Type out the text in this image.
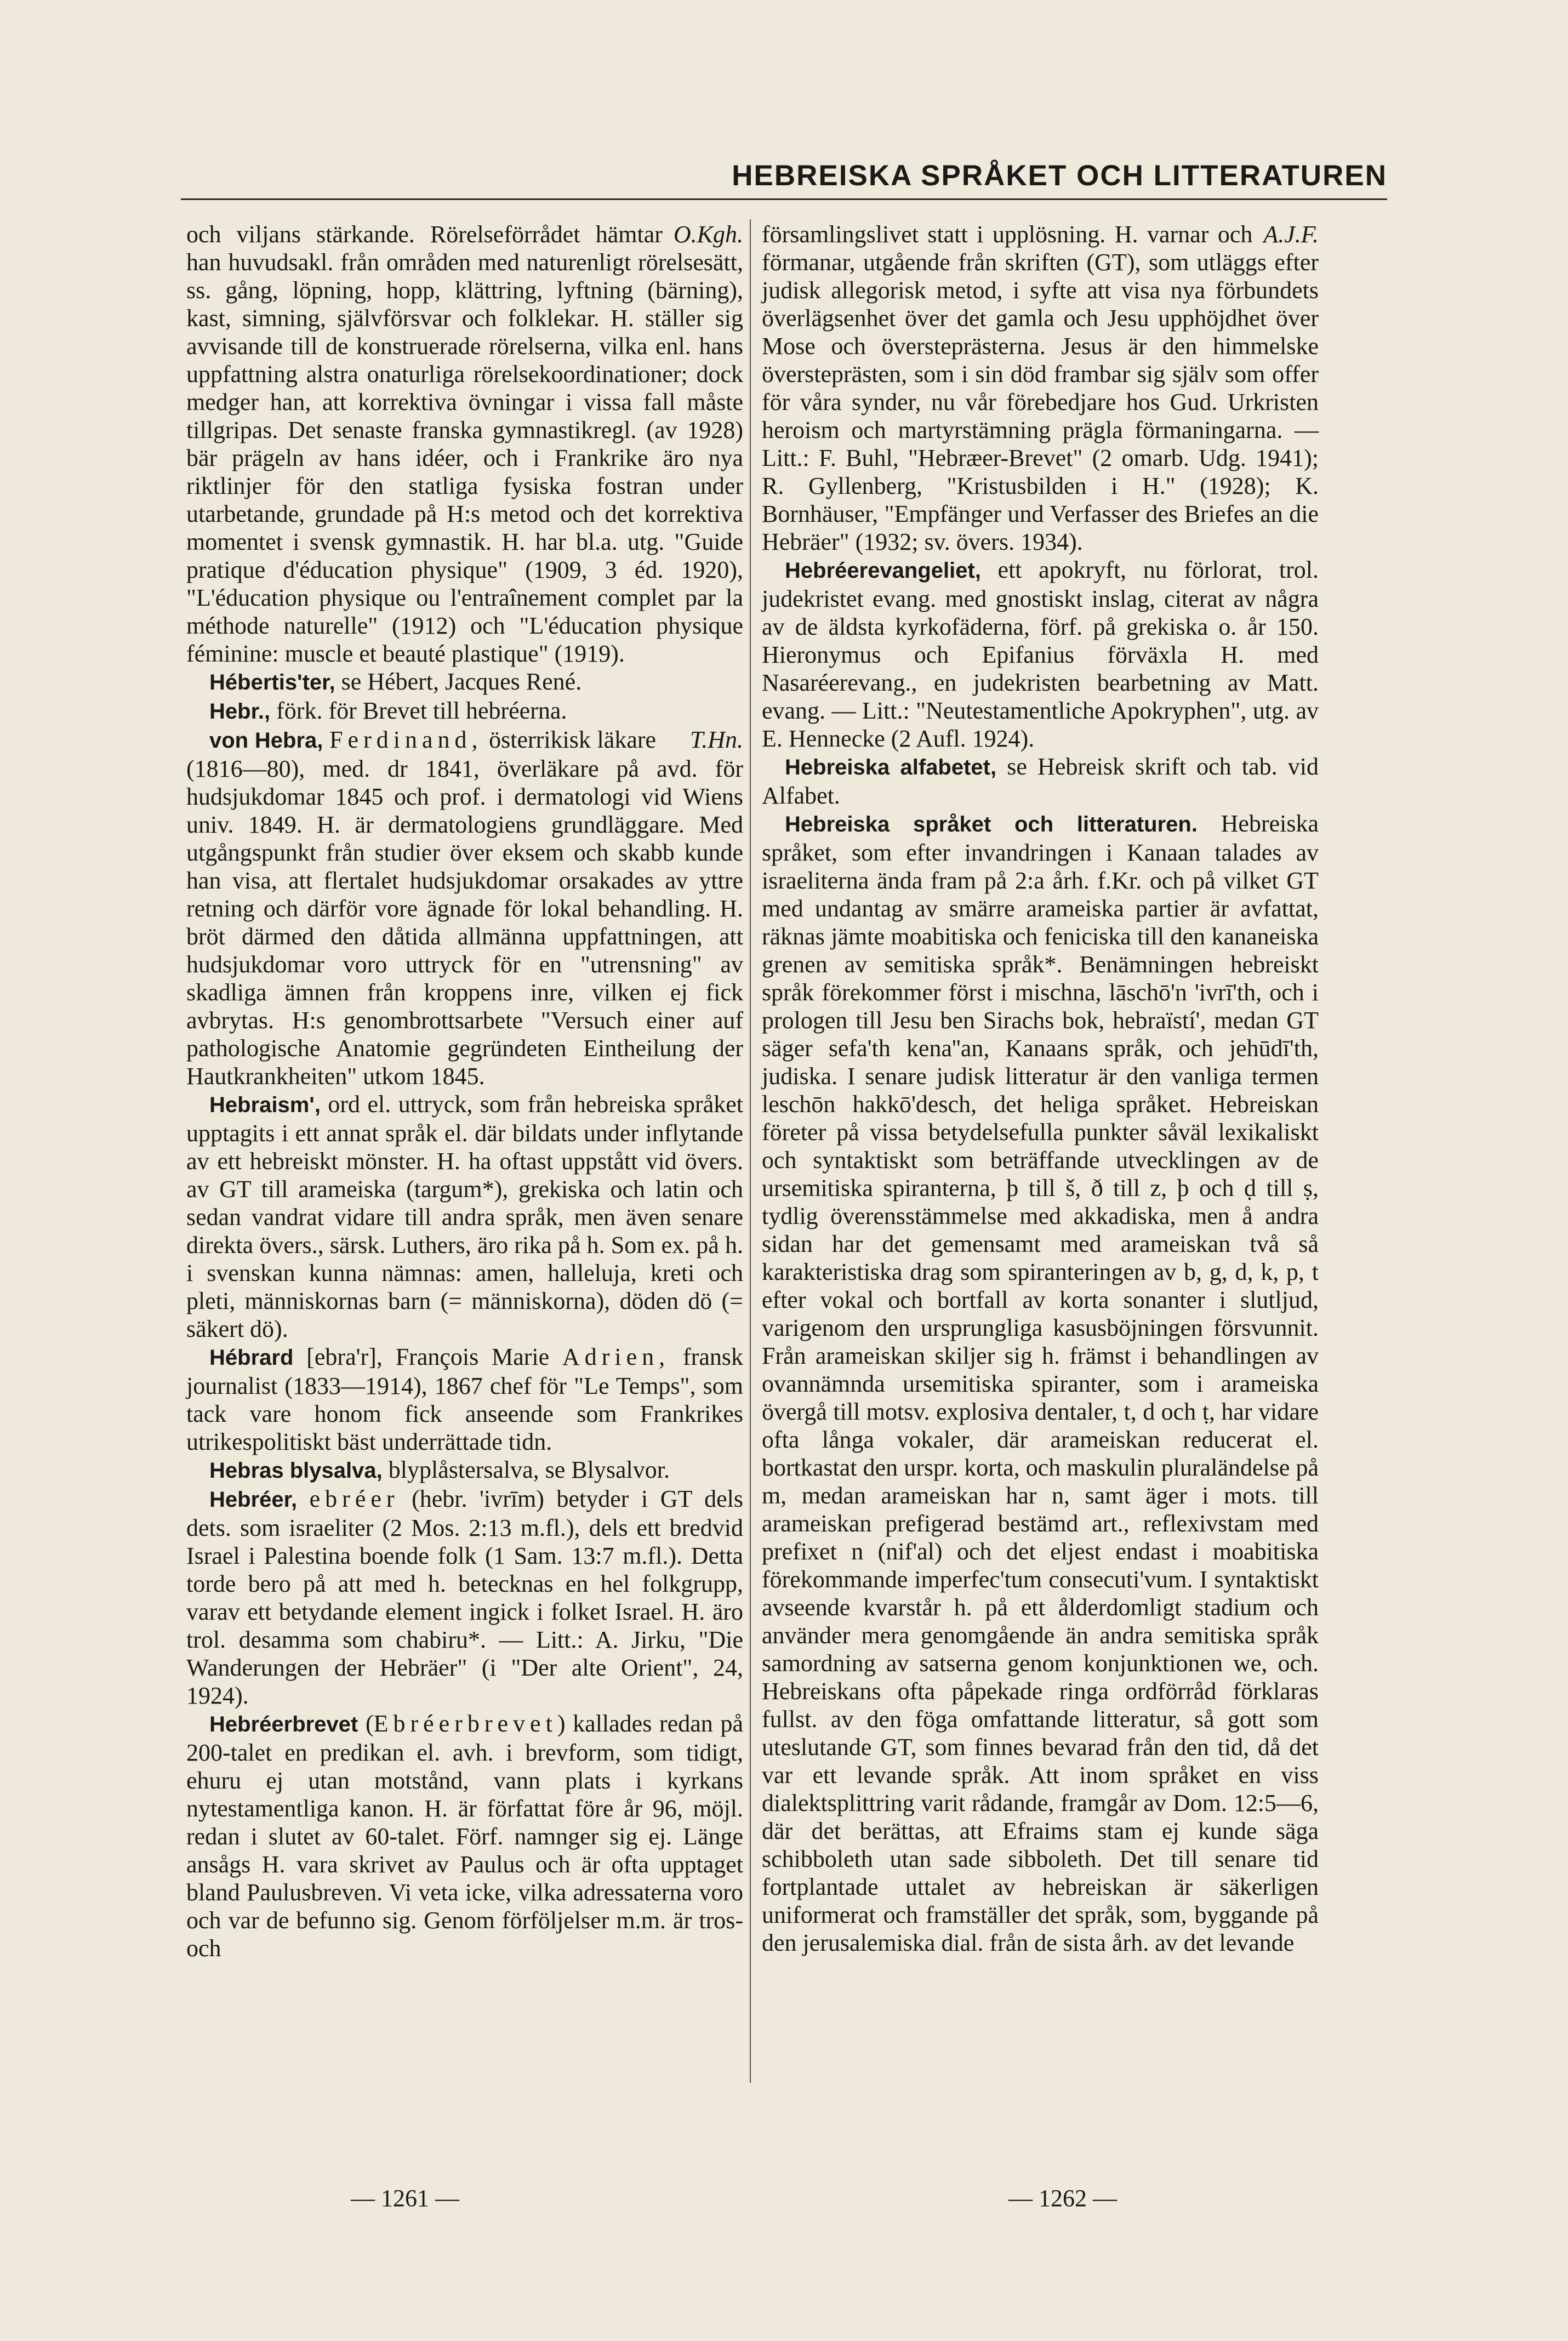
HEBREISKA SPRÅKET OCH LITTERATUREN

O.Kgh.
och viljans stärkande. Rörelseförrådet hämtar han huvudsakl. från områden med naturenligt rörelsesätt, ss. gång, löpning, hopp, klättring, lyftning (bärning), kast, simning, självförsvar och folklekar. H. ställer sig avvisande till de konstruerade rörelserna, vilka enl. hans uppfattning alstra onaturliga rörelsekoordinationer; dock medger han, att korrektiva övningar i vissa fall måste tillgripas. Det senaste franska gymnastikregl. (av 1928) bär prägeln av hans idéer, och i Frankrike äro nya riktlinjer för den statliga fysiska fostran under utarbetande, grundade på H:s metod och det korrektiva momentet i svensk gymnastik. H. har bl.a. utg. "Guide pratique d'éducation physique" (1909, 3 éd. 1920), "L'éducation physique ou l'entraînement complet par la méthode naturelle" (1912) och "L'éducation physique féminine: muscle et beauté plastique" (1919).

Hébertis'ter, se Hébert, Jacques René.

Hebr., förk. för Brevet till hebréerna.

T.Hn.
von Hebra, Ferdinand, österrikisk läkare (1816—80), med. dr 1841, överläkare på avd. för hudsjukdomar 1845 och prof. i dermatologi vid Wiens univ. 1849. H. är dermatologiens grundläggare. Med utgångspunkt från studier över eksem och skabb kunde han visa, att flertalet hudsjukdomar orsakades av yttre retning och därför vore ägnade för lokal behandling. H. bröt därmed den dåtida allmänna uppfattningen, att hudsjukdomar voro uttryck för en "utrensning" av skadliga ämnen från kroppens inre, vilken ej fick avbrytas. H:s genombrottsarbete "Versuch einer auf pathologische Anatomie gegründeten Eintheilung der Hautkrankheiten" utkom 1845.

Hebraism', ord el. uttryck, som från hebreiska språket upptagits i ett annat språk el. där bildats under inflytande av ett hebreiskt mönster. H. ha oftast uppstått vid övers. av GT till arameiska (targum*), grekiska och latin och sedan vandrat vidare till andra språk, men även senare direkta övers., särsk. Luthers, äro rika på h. Som ex. på h. i svenskan kunna nämnas: amen, halleluja, kreti och pleti, människornas barn (= människorna), döden dö (= säkert dö).

Hébrard [ebra'r], François Marie Adrien, fransk journalist (1833—1914), 1867 chef för "Le Temps", som tack vare honom fick anseende som Frankrikes utrikespolitiskt bäst underrättade tidn.

Hebras blysalva, blyplåstersalva, se Blysalvor.

Hebréer, ebréer (hebr. 'ivrīm) betyder i GT dels dets. som israeliter (2 Mos. 2:13 m.fl.), dels ett bredvid Israel i Palestina boende folk (1 Sam. 13:7 m.fl.). Detta torde bero på att med h. betecknas en hel folkgrupp, varav ett betydande element ingick i folket Israel. H. äro trol. desamma som chabiru*. — Litt.: A. Jirku, "Die Wanderungen der Hebräer" (i "Der alte Orient", 24, 1924).

Hebréerbrevet (Ebréerbrevet) kallades redan på 200-talet en predikan el. avh. i brevform, som tidigt, ehuru ej utan motstånd, vann plats i kyrkans nytestamentliga kanon. H. är författat före år 96, möjl. redan i slutet av 60-talet. Förf. namnger sig ej. Länge ansågs H. vara skrivet av Paulus och är ofta upptaget bland Paulusbreven. Vi veta icke, vilka adressaterna voro och var de befunno sig. Genom förföljelser m.m. är tros- och

A.J.F.
församlingslivet statt i upplösning. H. varnar och förmanar, utgående från skriften (GT), som utläggs efter judisk allegorisk metod, i syfte att visa nya förbundets överlägsenhet över det gamla och Jesu upphöjdhet över Mose och översteprästerna. Jesus är den himmelske översteprästen, som i sin död frambar sig själv som offer för våra synder, nu vår förebedjare hos Gud. Urkristen heroism och martyrstämning prägla förmaningarna. — Litt.: F. Buhl, "Hebræer-Brevet" (2 omarb. Udg. 1941); R. Gyllenberg, "Kristusbilden i H." (1928); K. Bornhäuser, "Empfänger und Verfasser des Briefes an die Hebräer" (1932; sv. övers. 1934).

Hebréerevangeliet, ett apokryft, nu förlorat, trol. judekristet evang. med gnostiskt inslag, citerat av några av de äldsta kyrkofäderna, förf. på grekiska o. år 150. Hieronymus och Epifanius förväxla H. med Nasaréerevang., en judekristen bearbetning av Matt. evang. — Litt.: "Neutestamentliche Apokryphen", utg. av E. Hennecke (2 Aufl. 1924).

Hebreiska alfabetet, se Hebreisk skrift och tab. vid Alfabet.

Hebreiska språket och litteraturen. Hebreiska språket, som efter invandringen i Kanaan talades av israeliterna ända fram på 2:a årh. f.Kr. och på vilket GT med undantag av smärre arameiska partier är avfattat, räknas jämte moabitiska och feniciska till den kananeiska grenen av semitiska språk*. Benämningen hebreiskt språk förekommer först i mischna, lāschō'n 'ivrī'th, och i prologen till Jesu ben Sirachs bok, hebraïstí', medan GT säger sefa'th kena''an, Kanaans språk, och jehūdī'th, judiska. I senare judisk litteratur är den vanliga termen leschōn hakkō'desch, det heliga språket. Hebreiskan företer på vissa betydelsefulla punkter såväl lexikaliskt och syntaktiskt som beträffande utvecklingen av de ursemitiska spiranterna, þ till š, ð till z, þ och ḍ till ṣ, tydlig överensstämmelse med akkadiska, men å andra sidan har det gemensamt med arameiskan två så karakteristiska drag som spiranteringen av b, g, d, k, p, t efter vokal och bortfall av korta sonanter i slutljud, varigenom den ursprungliga kasusböjningen försvunnit. Från arameiskan skiljer sig h. främst i behandlingen av ovannämnda ursemitiska spiranter, som i arameiska övergå till motsv. explosiva dentaler, t, d och ṭ, har vidare ofta långa vokaler, där arameiskan reducerat el. bortkastat den urspr. korta, och maskulin pluraländelse på m, medan arameiskan har n, samt äger i mots. till arameiskan prefigerad bestämd art., reflexivstam med prefixet n (nif'al) och det eljest endast i moabitiska förekommande imperfec'tum consecuti'vum. I syntaktiskt avseende kvarstår h. på ett ålderdomligt stadium och använder mera genomgående än andra semitiska språk samordning av satserna genom konjunktionen we, och. Hebreiskans ofta påpekade ringa ordförråd förklaras fullst. av den föga omfattande litteratur, så gott som uteslutande GT, som finnes bevarad från den tid, då det var ett levande språk. Att inom språket en viss dialektsplittring varit rådande, framgår av Dom. 12:5—6, där det berättas, att Efraims stam ej kunde säga schibboleth utan sade sibboleth. Det till senare tid fortplantade uttalet av hebreiskan är säkerligen uniformerat och framställer det språk, som, byggande på den jerusalemiska dial. från de sista årh. av det levande

— 1261 —	— 1262 —
